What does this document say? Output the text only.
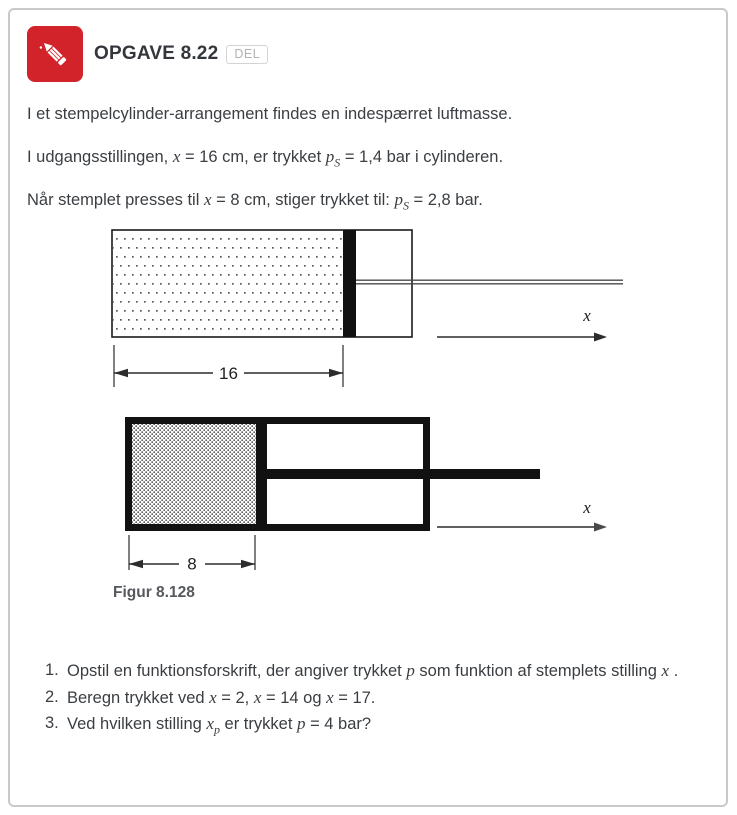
OPGAVE 8.22	DEL

I et stempelcylinder-arrangement findes en indespærret luftmasse.

I udgangsstillingen, x = 16 cm, er trykket $p_S = 1,4$ bar i cylinderen.

Når stemplet presses til x = 8 cm, stiger trykket til: $p_S = 2,8$ bar.

x
16
x
8
Figur 8.128
1. Opstil en funktionsforskrift, der angiver trykket p som funktion af stemplets stilling x .
2. Beregn trykket ved x = 2, x = 14 og x = 17.
3. Ved hvilken stilling $x_p$ er trykket p = 4 bar?
